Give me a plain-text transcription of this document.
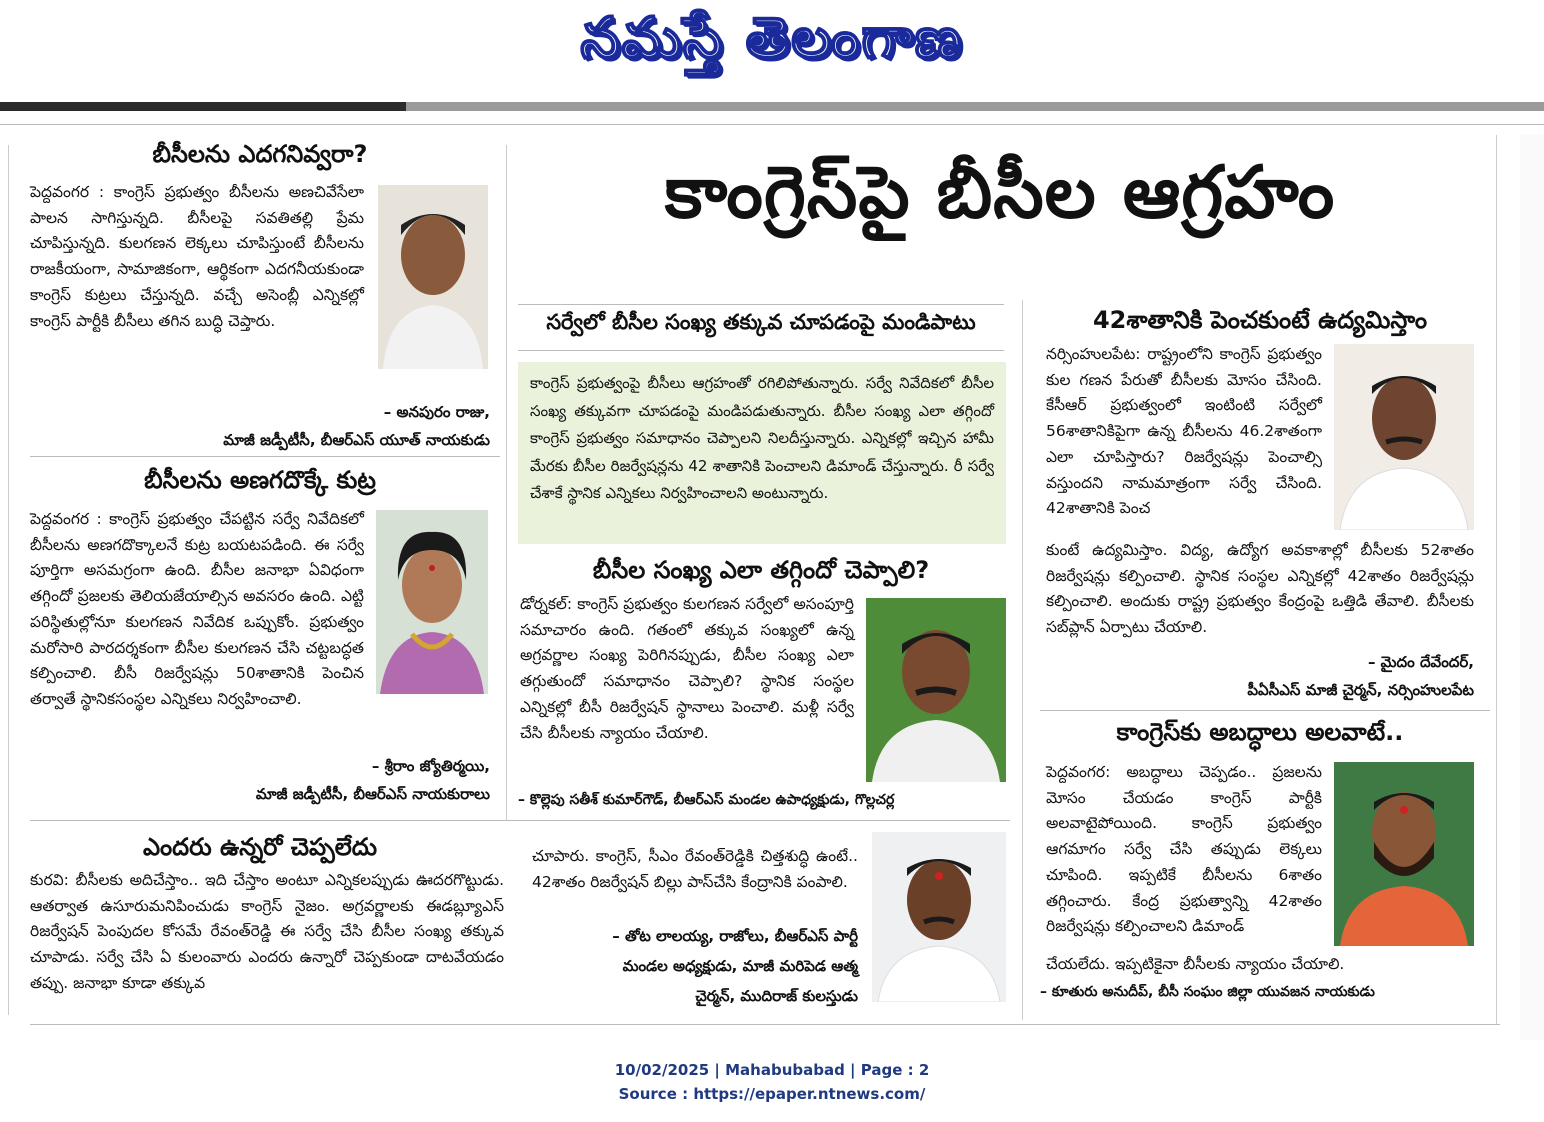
నమస్తే తెలంగాణ
కాంగ్రెస్‌పై బీసీల ఆగ్రహం
బీసీలను ఎదగనివ్వరా?
పెద్దవంగర : కాంగ్రెస్ ప్రభుత్వం బీసీలను అణచివేసేలా పాలన సాగిస్తున్నది. బీసీలపై సవతితల్లి ప్రేమ చూపిస్తున్నది. కులగణన లెక్కలు చూపిస్తుంటే బీసీలను రాజకీయంగా, సామాజికంగా, ఆర్థికంగా ఎదగనీయకుండా కాంగ్రెస్ కుట్రలు చేస్తున్నది. వచ్చే అసెంబ్లీ ఎన్నికల్లో కాంగ్రెస్ పార్టీకి బీసీలు తగిన బుద్ధి చెప్తారు.
– అనపురం రాజు,
మాజీ జడ్పీటీసీ, బీఆర్ఎస్ యూత్ నాయకుడు
బీసీలను అణగదొక్కే కుట్ర
పెద్దవంగర : కాంగ్రెస్ ప్రభుత్వం చేపట్టిన సర్వే నివేదికలో బీసీలను అణగదొక్కాలనే కుట్ర బయటపడింది. ఈ సర్వే పూర్తిగా అసమగ్రంగా ఉంది. బీసీల జనాభా ఏవిధంగా తగ్గిందో ప్రజలకు తెలియజేయాల్సిన అవసరం ఉంది. ఎట్టి పరిస్థితుల్లోనూ కులగణన నివేదిక ఒప్పుకోం. ప్రభుత్వం మరోసారి పారదర్శకంగా బీసీల కులగణన చేసి చట్టబద్ధత కల్పించాలి. బీసీ రిజర్వేషన్లు 50శాతానికి పెంచిన తర్వాతే స్థానికసంస్థల ఎన్నికలు నిర్వహించాలి.
– శ్రీరాం జ్యోతిర్మయి,
మాజీ జడ్పీటీసీ, బీఆర్ఎస్ నాయకురాలు
సర్వేలో బీసీల సంఖ్య తక్కువ చూపడంపై మండిపాటు
కాంగ్రెస్ ప్రభుత్వంపై బీసీలు ఆగ్రహంతో రగిలిపోతున్నారు. సర్వే నివేదికలో బీసీల సంఖ్య తక్కువగా చూపడంపై మండిపడుతున్నారు. బీసీల సంఖ్య ఎలా తగ్గిందో కాంగ్రెస్ ప్రభుత్వం సమాధానం చెప్పాలని నిలదీస్తున్నారు. ఎన్నికల్లో ఇచ్చిన హామీ మేరకు బీసీల రిజర్వేషన్లను 42 శాతానికి పెంచాలని డిమాండ్ చేస్తున్నారు. రీ సర్వే చేశాకే స్థానిక ఎన్నికలు నిర్వహించాలని అంటున్నారు.
బీసీల సంఖ్య ఎలా తగ్గిందో చెప్పాలి?
డోర్నకల్: కాంగ్రెస్ ప్రభుత్వం కులగణన సర్వేలో అసంపూర్తి సమాచారం ఉంది. గతంలో తక్కువ సంఖ్యలో ఉన్న అగ్రవర్ణాల సంఖ్య పెరిగినప్పుడు, బీసీల సంఖ్య ఎలా తగ్గుతుందో సమాధానం చెప్పాలి? స్థానిక సంస్థల ఎన్నికల్లో బీసీ రిజర్వేషన్ స్థానాలు పెంచాలి. మళ్లీ సర్వే చేసి బీసీలకు న్యాయం చేయాలి.
– కొల్లెపు సతీశ్ కుమార్‌గౌడ్, బీఆర్ఎస్ మండల ఉపాధ్యక్షుడు, గొల్లచర్ల
42శాతానికి పెంచకుంటే ఉద్యమిస్తాం
నర్సింహులపేట: రాష్ట్రంలోని కాంగ్రెస్ ప్రభుత్వం కుల గణన పేరుతో బీసీలకు మోసం చేసింది. కేసీఆర్ ప్రభుత్వంలో ఇంటింటి సర్వేలో 56శాతానికిపైగా ఉన్న బీసీలను 46.2శాతంగా ఎలా చూపిస్తారు? రిజర్వేషన్లు పెంచాల్సి వస్తుందని నామమాత్రంగా సర్వే చేసింది. 42శాతానికి పెంచ
కుంటే ఉద్యమిస్తాం. విద్య, ఉద్యోగ అవకాశాల్లో బీసీలకు 52శాతం రిజర్వేషన్లు కల్పించాలి. స్థానిక సంస్థల ఎన్నికల్లో 42శాతం రిజర్వేషన్లు కల్పించాలి. అందుకు రాష్ట్ర ప్రభుత్వం కేంద్రంపై ఒత్తిడి తేవాలి. బీసీలకు సబ్‌ప్లాన్ ఏర్పాటు చేయాలి.
– మైదం దేవేందర్,
పీఏసీఎస్ మాజీ చైర్మన్, నర్సింహులపేట
కాంగ్రెస్‌కు అబద్ధాలు అలవాటే..
పెద్దవంగర: అబద్ధాలు చెప్పడం.. ప్రజలను మోసం చేయడం కాంగ్రెస్ పార్టీకి అలవాటైపోయింది. కాంగ్రెస్ ప్రభుత్వం ఆగమాగం సర్వే చేసి తప్పుడు లెక్కలు చూపింది. ఇప్పటికే బీసీలను 6శాతం తగ్గించారు. కేంద్ర ప్రభుత్వాన్ని 42శాతం రిజర్వేషన్లు కల్పించాలని డిమాండ్
చేయలేదు. ఇప్పటికైనా బీసీలకు న్యాయం చేయాలి.
– కూతురు అనుదీప్, బీసీ సంఘం జిల్లా యువజన నాయకుడు
ఎందరు ఉన్నరో చెప్పలేదు
కురవి: బీసీలకు అదిచేస్తాం.. ఇది చేస్తాం అంటూ ఎన్నికలప్పుడు ఊదరగొట్టుడు. ఆతర్వాత ఉసూరుమనిపించుడు కాంగ్రెస్ నైజం. అగ్రవర్ణాలకు ఈడబ్ల్యూఎస్ రిజర్వేషన్ పెంపుదల కోసమే రేవంత్‌రెడ్డి ఈ సర్వే చేసి బీసీల సంఖ్య తక్కువ చూపాడు. సర్వే చేసి ఏ కులంవారు ఎందరు ఉన్నారో చెప్పకుండా దాటవేయడం తప్పు. జనాభా కూడా తక్కువ
చూపారు. కాంగ్రెస్, సీఎం రేవంత్‌రెడ్డికి చిత్తశుద్ధి ఉంటే.. 42శాతం రిజర్వేషన్ బిల్లు పాస్‌చేసి కేంద్రానికి పంపాలి.
– తోట లాలయ్య, రాజోలు, బీఆర్ఎస్ పార్టీ
మండల అధ్యక్షుడు, మాజీ మరిపెడ ఆత్మ
చైర్మన్, ముదిరాజ్ కులస్తుడు
10/02/2025 | Mahabubabad | Page : 2
Source : https://epaper.ntnews.com/
